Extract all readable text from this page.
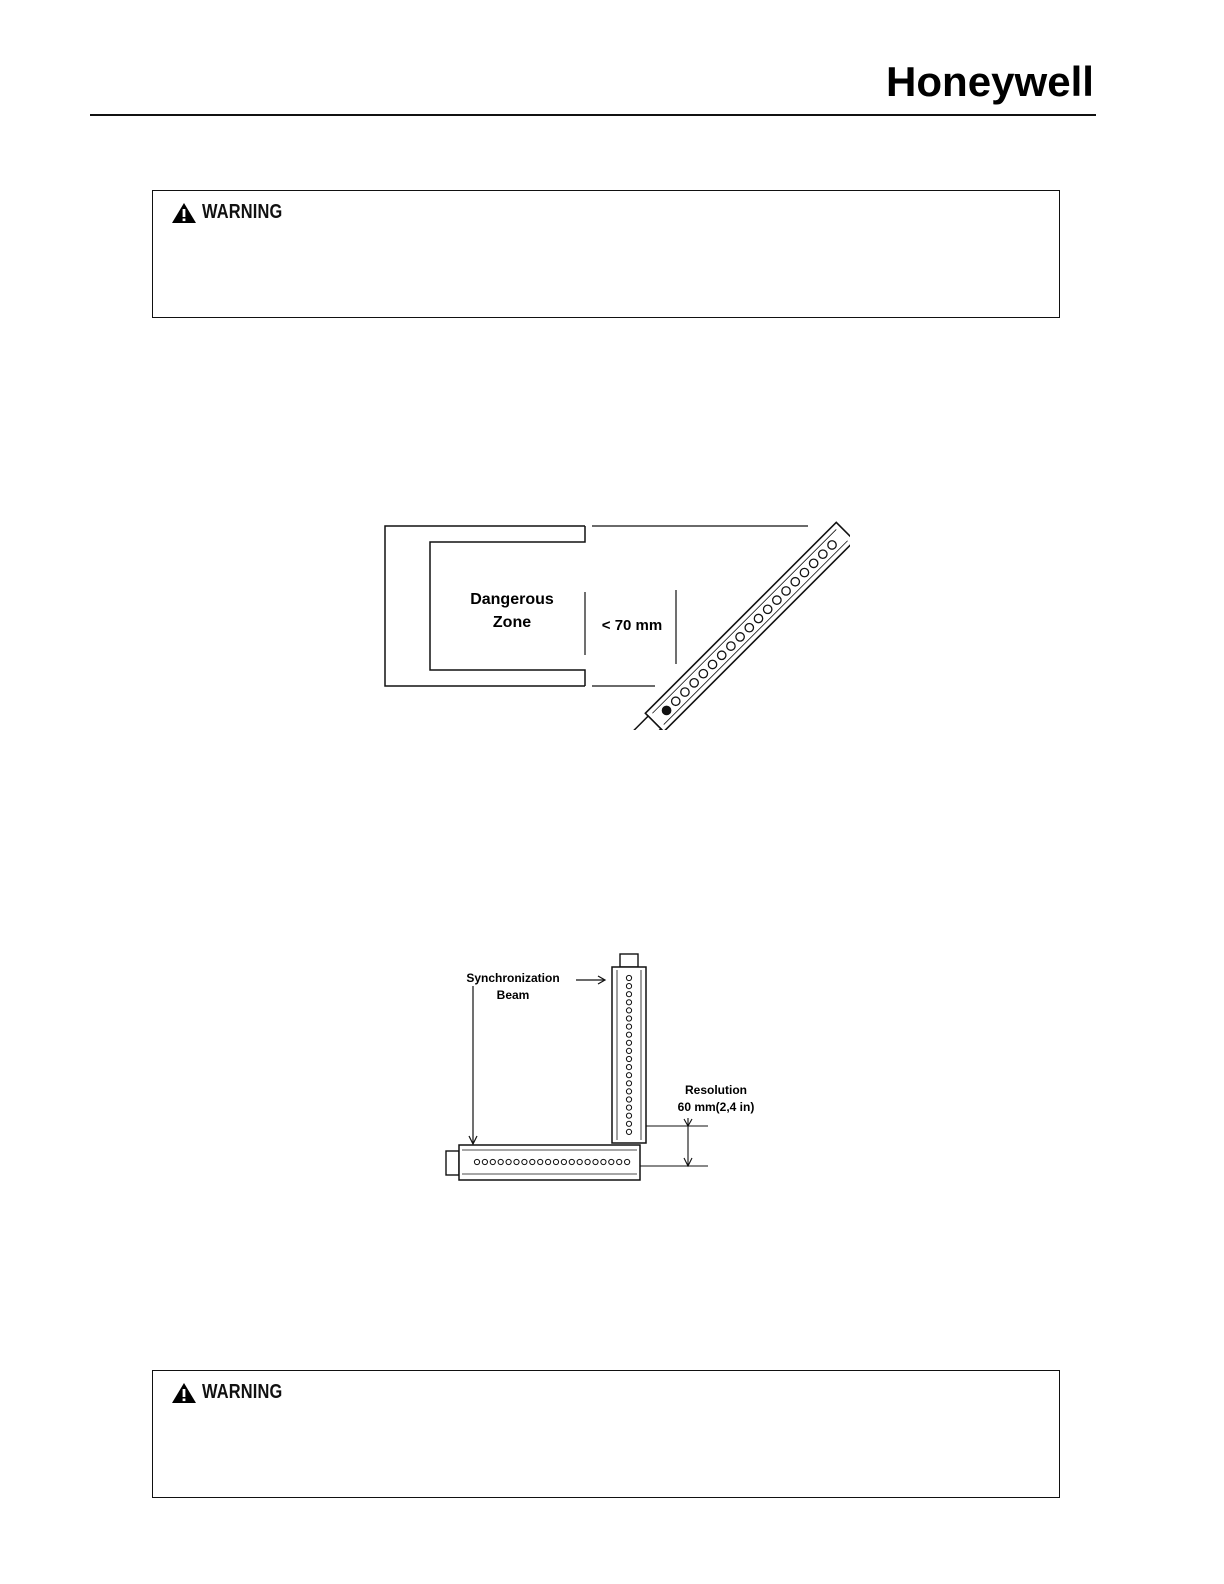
Honeywell
WARNING
Dangerous
Zone	< 70 mm
Synchronization
Beam
Resolution
60 mm(2,4 in)
WARNING
